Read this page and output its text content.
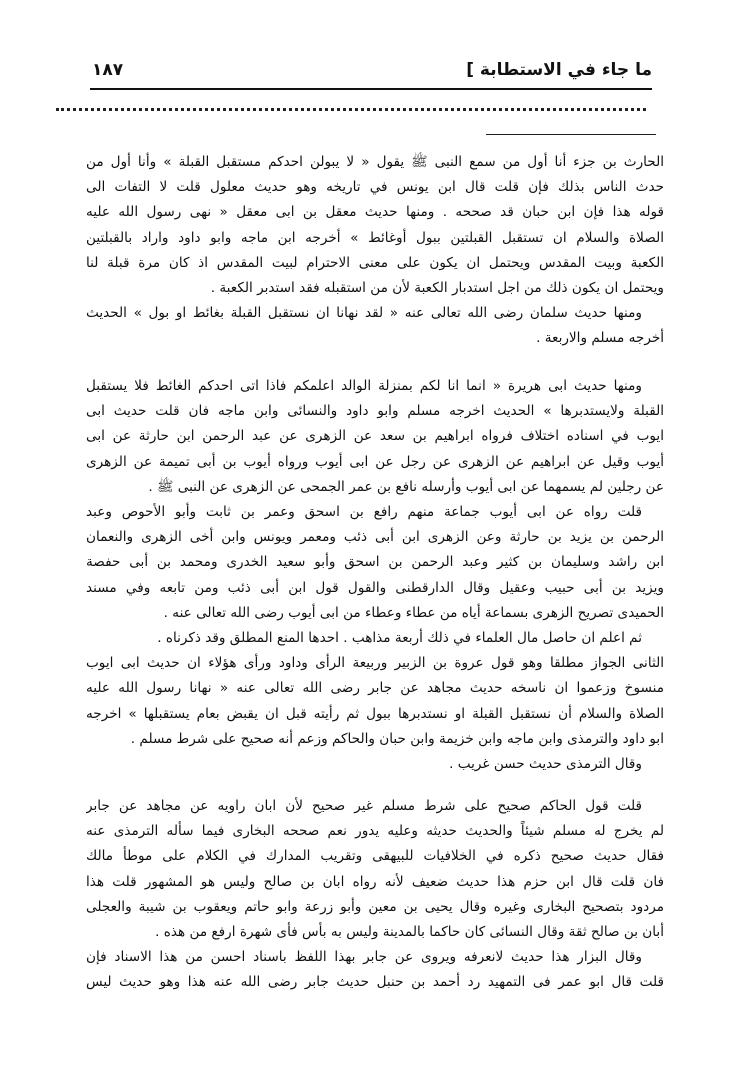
ما جاء في الاستطابة ]
١٨٧
الحارث بن جزء أنا أول من سمع النبى ﷺ يقول « لا يبولن احدكم مستقبل القبلة » وأنا أول من
حدث الناس بذلك فإن قلت قال ابن يونس في تاريخه وهو حديث معلول قلت لا التفات الى
قوله هذا فإن ابن حبان قد صححه . ومنها حديث معقل بن ابى معقل « نهى رسول الله عليه
الصلاة والسلام ان تستقبل القبلتين ببول أوغائط » أخرجه ابن ماجه وابو داود واراد بالقبلتين
الكعبة وبيت المقدس ويحتمل ان يكون على معنى الاحترام لبيت المقدس اذ كان مرة قبلة لنا
ويحتمل ان يكون ذلك من اجل استدبار الكعبة لأن من استقبله فقد استدبر الكعبة .
ومنها حديث سلمان رضى الله تعالى عنه « لقد نهانا ان نستقبل القبلة بغائط او بول » الحديث
أخرجه مسلم والاربعة .
ومنها حديث ابى هريرة « انما انا لكم بمنزلة الوالد اعلمكم فاذا اتى احدكم الغائط فلا يستقبل
القبلة ولايستدبرها » الحديث اخرجه مسلم وابو داود والنسائى وابن ماجه فان قلت حديث ابى
ايوب في اسناده اختلاف فرواه ابراهيم بن سعد عن الزهرى عن عبد الرحمن ابن حارثة عن ابى
أيوب وقيل عن ابراهيم عن الزهرى عن رجل عن ابى أيوب ورواه أيوب بن أبى تميمة عن الزهرى
عن رجلين لم يسمهما عن ابى أيوب وأرسله نافع بن عمر الجمحى عن الزهرى عن النبى ﷺ .
قلت رواه عن ابى أيوب جماعة منهم رافع بن اسحق وعمر بن ثابت وأبو الأحوص وعبد
الرحمن بن يزيد بن حارثة وعن الزهرى ابن أبى ذئب ومعمر ويونس وابن أخى الزهرى والنعمان
ابن راشد وسليمان بن كثير وعبد الرحمن بن اسحق وأبو سعيد الخدرى ومحمد بن أبى حفصة
ويزيد بن أبى حبيب وعقيل وقال الدارقطنى والقول قول ابن أبى ذئب ومن تابعه وفي مسند
الحميدى تصريح الزهرى بسماعة أياه من عطاء وعطاء من ابى أيوب رضى الله تعالى عنه .
ثم اعلم ان حاصل مال العلماء في ذلك أربعة مذاهب . احدها المنع المطلق وقد ذكرناه .
الثانى الجواز مطلقا وهو قول عروة بن الزبير وربيعة الرأى وداود ورأى هؤلاء ان حديث ابى ايوب
منسوخ وزعموا ان ناسخه حديث مجاهد عن جابر رضى الله تعالى عنه « نهانا رسول الله عليه
الصلاة والسلام أن نستقبل القبلة او نستدبرها ببول ثم رأيته قبل ان يقبض بعام يستقبلها » اخرجه
ابو داود والترمذى وابن ماجه وابن خزيمة وابن حبان والحاكم وزعم أنه صحيح على شرط مسلم .
وقال الترمذى حديث حسن غريب .
قلت قول الحاكم صحيح على شرط مسلم غير صحيح لأن ابان راويه عن مجاهد عن جابر
لم يخرج له مسلم شيئاً والحديث حديثه وعليه يدور نعم صححه البخارى فيما سأله الترمذى عنه
فقال حديث صحيح ذكره في الخلافيات للبيهقى وتقريب المدارك في الكلام على موطأ مالك
فان قلت قال ابن حزم هذا حديث ضعيف لأنه رواه ابان بن صالح وليس هو المشهور قلت هذا
مردود بتصحيح البخارى وغيره وقال يحيى بن معين وأبو زرعة وابو حاتم ويعقوب بن شيبة والعجلى
أبان بن صالح ثقة وقال النسائى كان حاكما بالمدينة وليس به بأس فأى شهرة ارفع من هذه .
وقال البزار هذا حديث لانعرفه ويروى عن جابر بهذا اللفظ باسناد احسن من هذا الاسناد فإن
قلت قال ابو عمر فى التمهيد رد أحمد بن حنبل حديث جابر رضى الله عنه هذا وهو حديث ليس
